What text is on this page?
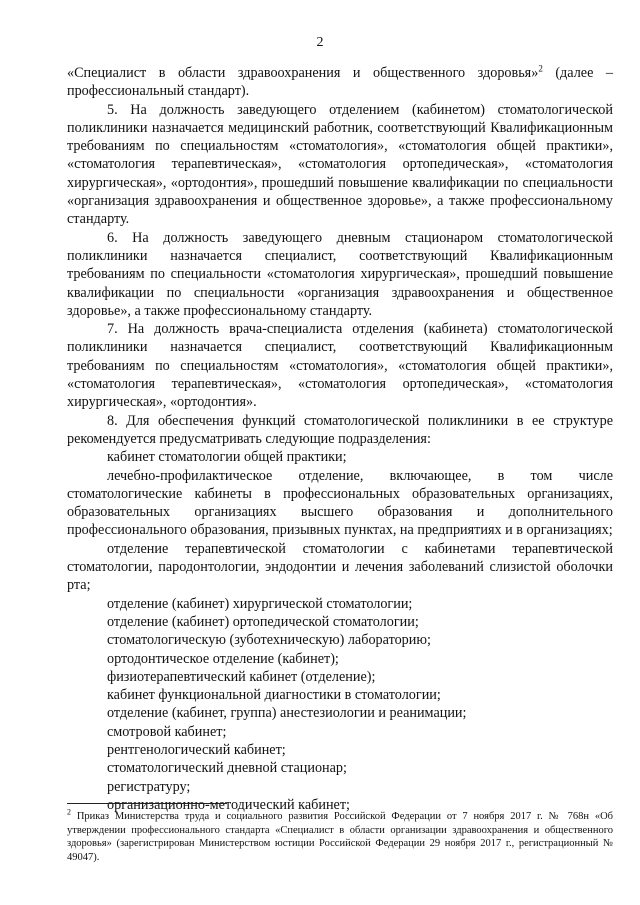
2

«Специалист в области здравоохранения и общественного здоровья»$^2$ (далее – профессиональный стандарт).

5. На должность заведующего отделением (кабинетом) стоматологической поликлиники назначается медицинский работник, соответствующий Квалификационным требованиям по специальностям «стоматология», «стоматология общей практики», «стоматология терапевтическая», «стоматология ортопедическая», «стоматология хирургическая», «ортодонтия», прошедший повышение квалификации по специальности «организация здравоохранения и общественное здоровье», а также профессиональному стандарту.

6. На должность заведующего дневным стационаром стоматологической поликлиники назначается специалист, соответствующий Квалификационным требованиям по специальности «стоматология хирургическая», прошедший повышение квалификации по специальности «организация здравоохранения и общественное здоровье», а также профессиональному стандарту.

7. На должность врача-специалиста отделения (кабинета) стоматологической поликлиники назначается специалист, соответствующий Квалификационным требованиям по специальностям «стоматология», «стоматология общей практики», «стоматология терапевтическая», «стоматология ортопедическая», «стоматология хирургическая», «ортодонтия».

8. Для обеспечения функций стоматологической поликлиники в ее структуре рекомендуется предусматривать следующие подразделения:

кабинет стоматологии общей практики;

лечебно-профилактическое отделение, включающее, в том числе стоматологические кабинеты в профессиональных образовательных организациях, образовательных организациях высшего образования и дополнительного профессионального образования, призывных пунктах, на предприятиях и в организациях;

отделение терапевтической стоматологии с кабинетами терапевтической стоматологии, пародонтологии, эндодонтии и лечения заболеваний слизистой оболочки рта;

отделение (кабинет) хирургической стоматологии;

отделение (кабинет) ортопедической стоматологии;

стоматологическую (зуботехническую) лабораторию;

ортодонтическое отделение (кабинет);

физиотерапевтический кабинет (отделение);

кабинет функциональной диагностики в стоматологии;

отделение (кабинет, группа) анестезиологии и реанимации;

смотровой кабинет;

рентгенологический кабинет;

стоматологический дневной стационар;

регистратуру;

организационно-методический кабинет;

$^2$ Приказ Министерства труда и социального развития Российской Федерации от 7 ноября 2017 г. № 768н «Об утверждении профессионального стандарта «Специалист в области организации здравоохранения и общественного здоровья» (зарегистрирован Министерством юстиции Российской Федерации 29 ноября 2017 г., регистрационный № 49047).
